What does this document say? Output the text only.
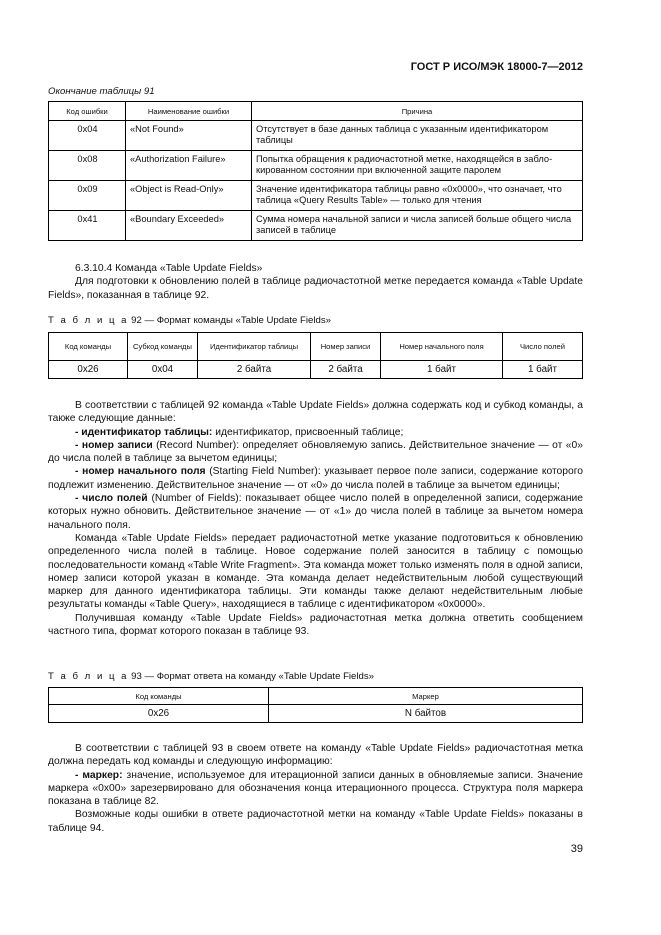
ГОСТ Р ИСО/МЭК 18000-7—2012
Окончание таблицы 91
Код ошибки	Наименование ошибки	Причина
0x04	«Not Found»	Отсутствует в базе данных таблица с указанным идентификатором таблицы
0x08	«Authorization Failure»	Попытка обращения к радиочастотной метке, находящейся в заблокированном состоянии при включенной защите паролем
0x09	«Object is Read-Only»	Значение идентификатора таблицы равно «0x0000», что означает, что таблица «Query Results Table» — только для чтения
0x41	«Boundary Exceeded»	Сумма номера начальной записи и числа записей больше общего числа записей в таблице

6.3.10.4 Команда «Table Update Fields»

Для подготовки к обновлению полей в таблице радиочастотной метке передается команда «Table Update Fields», показанная в таблице 92.

Т а б л и ц а 92 — Формат команды «Table Update Fields»
Код команды	Субкод команды	Идентификатор таблицы	Номер записи	Номер начального поля	Число полей
0x26	0x04	2 байта	2 байта	1 байт	1 байт

В соответствии с таблицей 92 команда «Table Update Fields» должна содержать код и субкод команды, а также следующие данные:

- идентификатор таблицы: идентификатор, присвоенный таблице;

- номер записи (Record Number): определяет обновляемую запись. Действительное значение — от «0» до числа полей в таблице за вычетом единицы;

- номер начального поля (Starting Field Number): указывает первое поле записи, содержание которого подлежит изменению. Действительное значение — от «0» до числа полей в таблице за вычетом единицы;

- число полей (Number of Fields): показывает общее число полей в определенной записи, содержание которых нужно обновить. Действительное значение — от «1» до числа полей в таблице за вычетом номера начального поля.

Команда «Table Update Fields» передает радиочастотной метке указание подготовиться к обновлению определенного числа полей в таблице. Новое содержание полей заносится в таблицу с помощью последовательности команд «Table Write Fragment». Эта команда может только изменять поля в одной записи, номер записи которой указан в команде. Эта команда делает недействительным любой существующий маркер для данного идентификатора таблицы. Эти команды также делают недействительным любые результаты команды «Table Query», находящиеся в таблице с идентификатором «0x0000».

Получившая команду «Table Update Fields» радиочастотная метка должна ответить сообщением частного типа, формат которого показан в таблице 93.

Т а б л и ц а 93 — Формат ответа на команду «Table Update Fields»
Код команды	Маркер
0x26	N байтов

В соответствии с таблицей 93 в своем ответе на команду «Table Update Fields» радиочастотная метка должна передать код команды и следующую информацию:

- маркер: значение, используемое для итерационной записи данных в обновляемые записи. Значение маркера «0x00» зарезервировано для обозначения конца итерационного процесса. Структура поля маркера показана в таблице 82.

Возможные коды ошибки в ответе радиочастотной метки на команду «Table Update Fields» показаны в таблице 94.

39
